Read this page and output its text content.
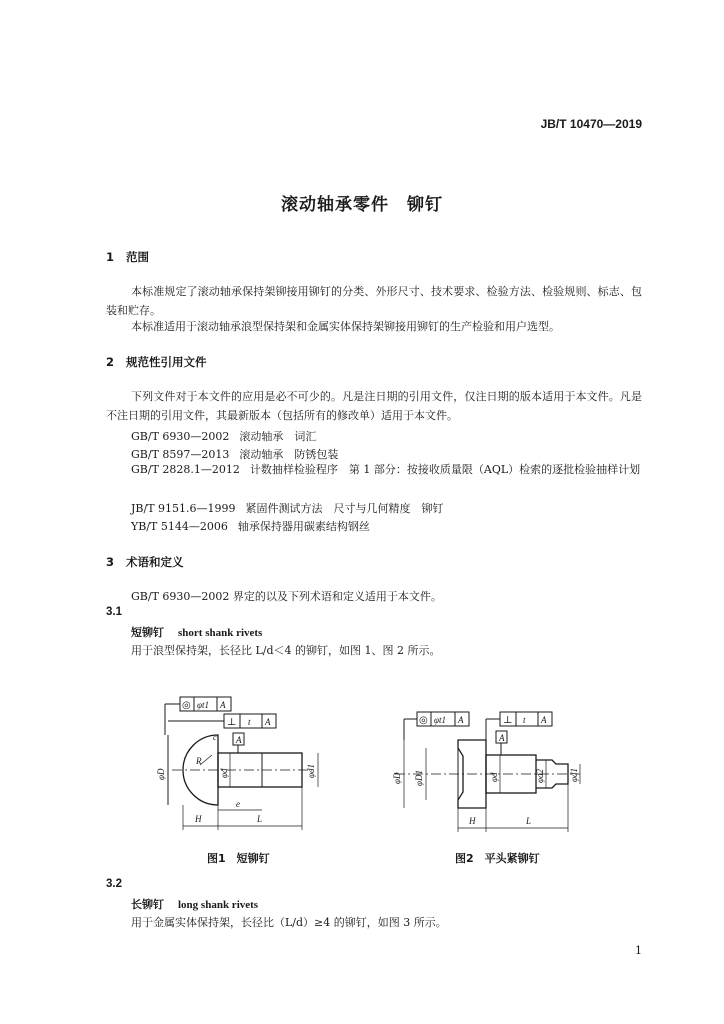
JB/T 10470—2019
滚动轴承零件　铆钉
1 范围
本标准规定了滚动轴承保持架铆接用铆钉的分类、外形尺寸、技术要求、检验方法、检验规则、标志、包装和贮存。
本标准适用于滚动轴承浪型保持架和金属实体保持架铆接用铆钉的生产检验和用户选型。
2 规范性引用文件
下列文件对于本文件的应用是必不可少的。凡是注日期的引用文件，仅注日期的版本适用于本文件。凡是不注日期的引用文件，其最新版本（包括所有的修改单）适用于本文件。
GB/T 6930—2002 滚动轴承　词汇
GB/T 8597—2013 滚动轴承　防锈包装
GB/T 2828.1—2012 计数抽样检验程序　第 1 部分：按接收质量限（AQL）检索的逐批检验抽样计划
JB/T 9151.6—1999 紧固件测试方法　尺寸与几何精度　铆钉
YB/T 5144—2006 轴承保持器用碳素结构钢丝
3 术语和定义
GB/T 6930—2002 界定的以及下列术语和定义适用于本文件。
3.1
短铆钉 short shank rivets
用于浪型保持架，长径比 L/d＜4 的铆钉，如图 1、图 2 所示。
◎ φt1 A
⊥ t A
A
φD
R
c
φd	φd1
e
H	L
图1　短铆钉
◎ φt1 A	⊥ t A
A
φD φD1	φd	φd2	φd1
H	L
图2　平头紧铆钉
3.2
长铆钉 long shank rivets
用于金属实体保持架，长径比（L/d）≥4 的铆钉，如图 3 所示。
1
